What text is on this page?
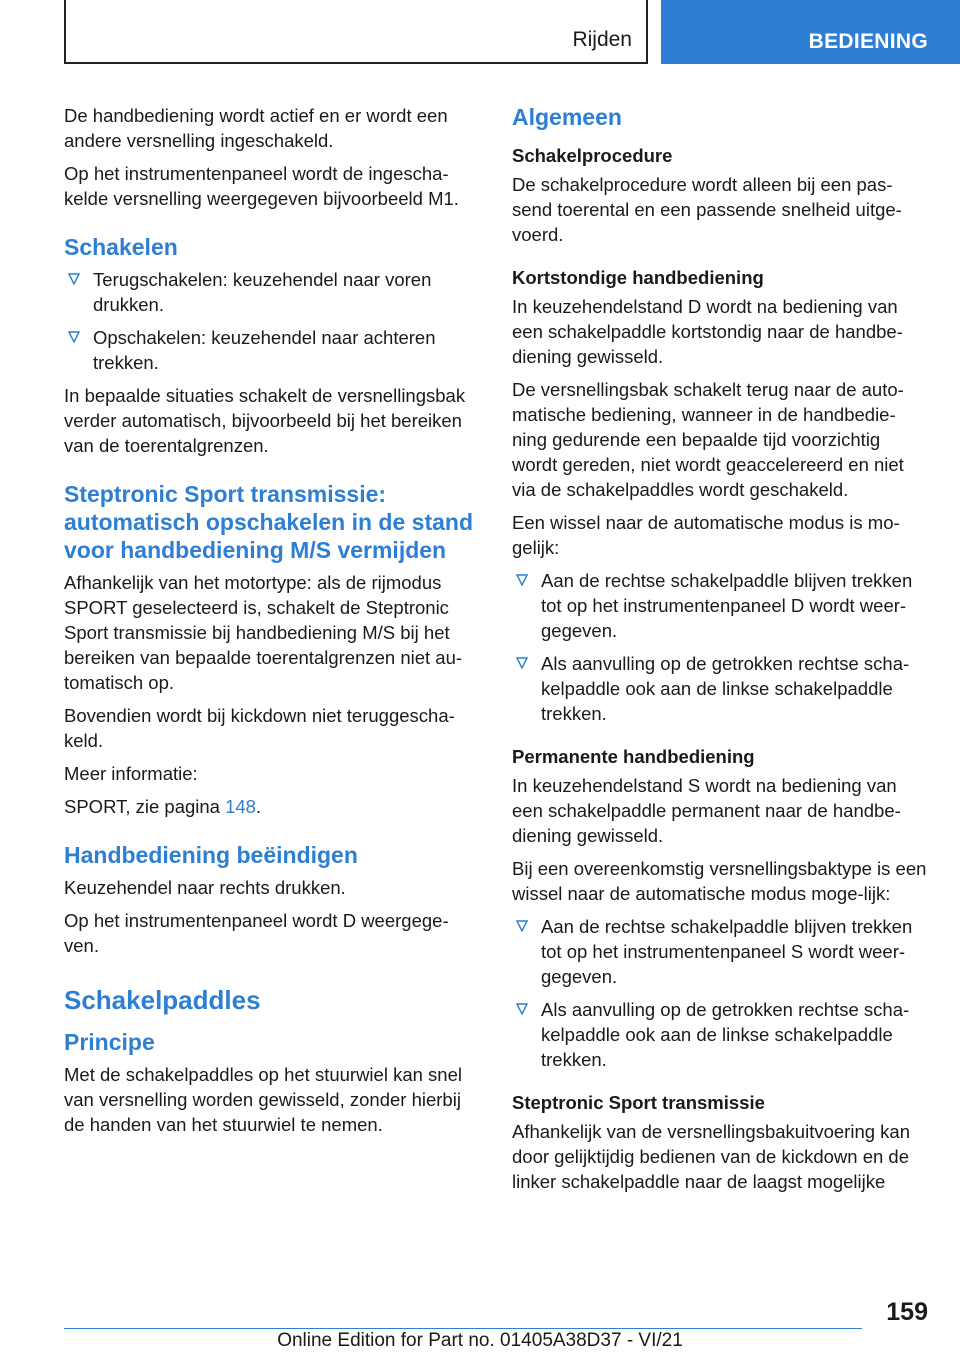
Rijden	BEDIENING

De handbediening wordt actief en er wordt een andere versnelling ingeschakeld.

Op het instrumentenpaneel wordt de ingescha-kelde versnelling weergegeven bijvoorbeeld M1.

Schakelen
Terugschakelen: keuzehendel naar voren drukken.
Opschakelen: keuzehendel naar achteren trekken.

In bepaalde situaties schakelt de versnellingsbak verder automatisch, bijvoorbeeld bij het bereiken van de toerentalgrenzen.

Steptronic Sport transmissie: automatisch opschakelen in de stand voor handbediening M/S vermijden

Afhankelijk van het motortype: als de rijmodus SPORT geselecteerd is, schakelt de Steptronic Sport transmissie bij handbediening M/S bij het bereiken van bepaalde toerentalgrenzen niet au-tomatisch op.

Bovendien wordt bij kickdown niet teruggescha-keld.

Meer informatie:

SPORT, zie pagina 148.

Handbediening beëindigen

Keuzehendel naar rechts drukken.

Op het instrumentenpaneel wordt D weergege-ven.

Schakelpaddles
Principe

Met de schakelpaddles op het stuurwiel kan snel van versnelling worden gewisseld, zonder hierbij de handen van het stuurwiel te nemen.

Algemeen
Schakelprocedure

De schakelprocedure wordt alleen bij een pas-send toerental en een passende snelheid uitge-voerd.

Kortstondige handbediening

In keuzehendelstand D wordt na bediening van een schakelpaddle kortstondig naar de handbe-diening gewisseld.

De versnellingsbak schakelt terug naar de auto-matische bediening, wanneer in de handbedie-ning gedurende een bepaalde tijd voorzichtig wordt gereden, niet wordt geaccelereerd en niet via de schakelpaddles wordt geschakeld.

Een wissel naar de automatische modus is mo-gelijk:

Aan de rechtse schakelpaddle blijven trekken tot op het instrumentenpaneel D wordt weer-gegeven.
Als aanvulling op de getrokken rechtse scha-kelpaddle ook aan de linkse schakelpaddle trekken.
Permanente handbediening

In keuzehendelstand S wordt na bediening van een schakelpaddle permanent naar de handbe-diening gewisseld.

Bij een overeenkomstig versnellingsbaktype is een wissel naar de automatische modus moge-lijk:

Aan de rechtse schakelpaddle blijven trekken tot op het instrumentenpaneel S wordt weer-gegeven.
Als aanvulling op de getrokken rechtse scha-kelpaddle ook aan de linkse schakelpaddle trekken.
Steptronic Sport transmissie

Afhankelijk van de versnellingsbakuitvoering kan door gelijktijdig bedienen van de kickdown en de linker schakelpaddle naar de laagst mogelijke

159
Online Edition for Part no. 01405A38D37 - VI/21
